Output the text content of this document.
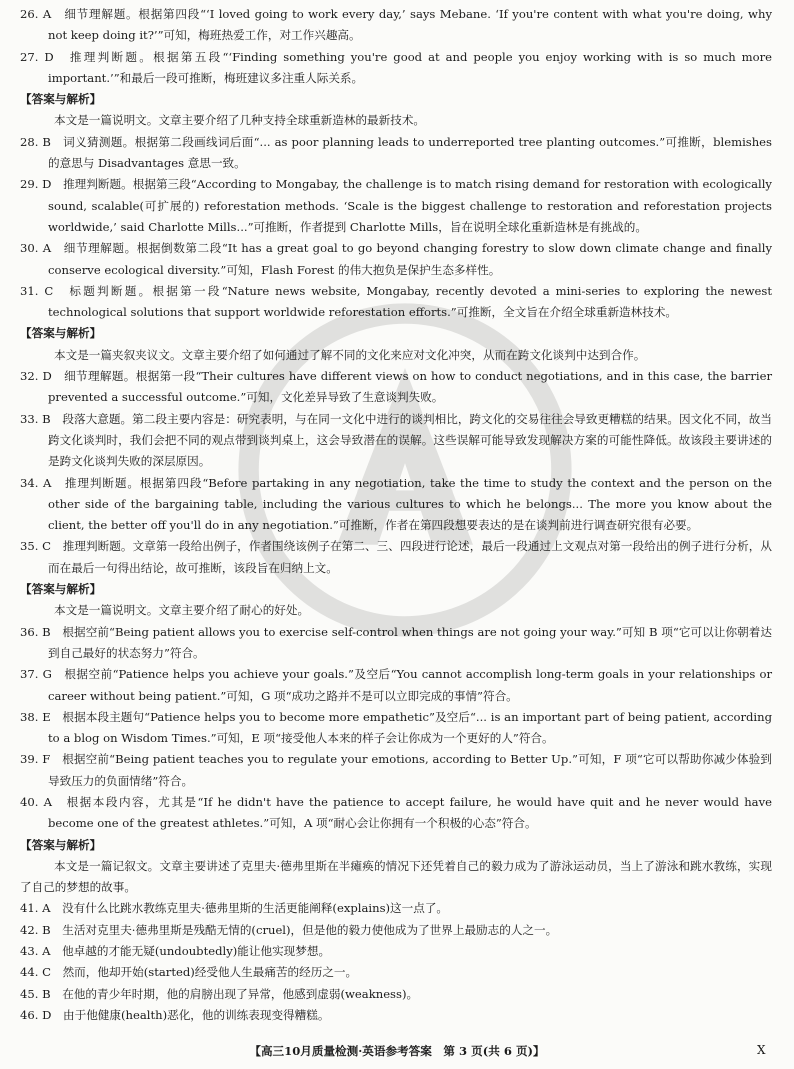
26. A　细节理解题。根据第四段“‘I loved going to work every day,’ says Mebane. ‘If you're content with what you're doing, why not keep doing it?’”可知，梅班热爱工作，对工作兴趣高。

27. D　推理判断题。根据第五段“‘Finding something you're good at and people you enjoy working with is so much more important.’”和最后一段可推断，梅班建议多注重人际关系。

【答案与解析】

本文是一篇说明文。文章主要介绍了几种支持全球重新造林的最新技术。

28. B　词义猜测题。根据第二段画线词后面“... as poor planning leads to underreported tree planting outcomes.”可推断，blemishes 的意思与 Disadvantages 意思一致。

29. D　推理判断题。根据第三段“According to Mongabay, the challenge is to match rising demand for restoration with ecologically sound, scalable(可扩展的) reforestation methods. ‘Scale is the biggest challenge to restoration and reforestation projects worldwide,’ said Charlotte Mills...”可推断，作者提到 Charlotte Mills，旨在说明全球化重新造林是有挑战的。

30. A　细节理解题。根据倒数第二段“It has a great goal to go beyond changing forestry to slow down climate change and finally conserve ecological diversity.”可知，Flash Forest 的伟大抱负是保护生态多样性。

31. C　标题判断题。根据第一段“Nature news website, Mongabay, recently devoted a mini-series to exploring the newest technological solutions that support worldwide reforestation efforts.”可推断，全文旨在介绍全球重新造林技术。

【答案与解析】

本文是一篇夹叙夹议文。文章主要介绍了如何通过了解不同的文化来应对文化冲突，从而在跨文化谈判中达到合作。

32. D　细节理解题。根据第一段“Their cultures have different views on how to conduct negotiations, and in this case, the barrier prevented a successful outcome.”可知，文化差异导致了生意谈判失败。

33. B　段落大意题。第二段主要内容是：研究表明，与在同一文化中进行的谈判相比，跨文化的交易往往会导致更糟糕的结果。因文化不同，故当跨文化谈判时，我们会把不同的观点带到谈判桌上，这会导致潜在的误解。这些误解可能导致发现解决方案的可能性降低。故该段主要讲述的是跨文化谈判失败的深层原因。

34. A　推理判断题。根据第四段“Before partaking in any negotiation, take the time to study the context and the person on the other side of the bargaining table, including the various cultures to which he belongs... The more you know about the client, the better off you'll do in any negotiation.”可推断，作者在第四段想要表达的是在谈判前进行调查研究很有必要。

35. C　推理判断题。文章第一段给出例子，作者围绕该例子在第二、三、四段进行论述，最后一段通过上文观点对第一段给出的例子进行分析，从而在最后一句得出结论，故可推断，该段旨在归纳上文。

【答案与解析】

本文是一篇说明文。文章主要介绍了耐心的好处。

36. B　根据空前“Being patient allows you to exercise self-control when things are not going your way.”可知 B 项“它可以让你朝着达到自己最好的状态努力”符合。

37. G　根据空前“Patience helps you achieve your goals.”及空后“You cannot accomplish long-term goals in your relationships or career without being patient.”可知，G 项“成功之路并不是可以立即完成的事情”符合。

38. E　根据本段主题句“Patience helps you to become more empathetic”及空后“... is an important part of being patient, according to a blog on Wisdom Times.”可知，E 项“接受他人本来的样子会让你成为一个更好的人”符合。

39. F　根据空前“Being patient teaches you to regulate your emotions, according to Better Up.”可知，F 项“它可以帮助你减少体验到导致压力的负面情绪”符合。

40. A　根据本段内容，尤其是“If he didn't have the patience to accept failure, he would have quit and he never would have become one of the greatest athletes.”可知，A 项“耐心会让你拥有一个积极的心态”符合。

【答案与解析】

本文是一篇记叙文。文章主要讲述了克里夫·德弗里斯在半瘫痪的情况下还凭着自己的毅力成为了游泳运动员，当上了游泳和跳水教练，实现了自己的梦想的故事。

41. A　没有什么比跳水教练克里夫·德弗里斯的生活更能阐释(explains)这一点了。

42. B　生活对克里夫·德弗里斯是残酷无情的(cruel)，但是他的毅力使他成为了世界上最励志的人之一。

43. A　他卓越的才能无疑(undoubtedly)能让他实现梦想。

44. C　然而，他却开始(started)经受他人生最痛苦的经历之一。

45. B　在他的青少年时期，他的肩膀出现了异常，他感到虚弱(weakness)。

46. D　由于他健康(health)恶化，他的训练表现变得糟糕。

【高三10月质量检测·英语参考答案　第 3 页(共 6 页)】	X
